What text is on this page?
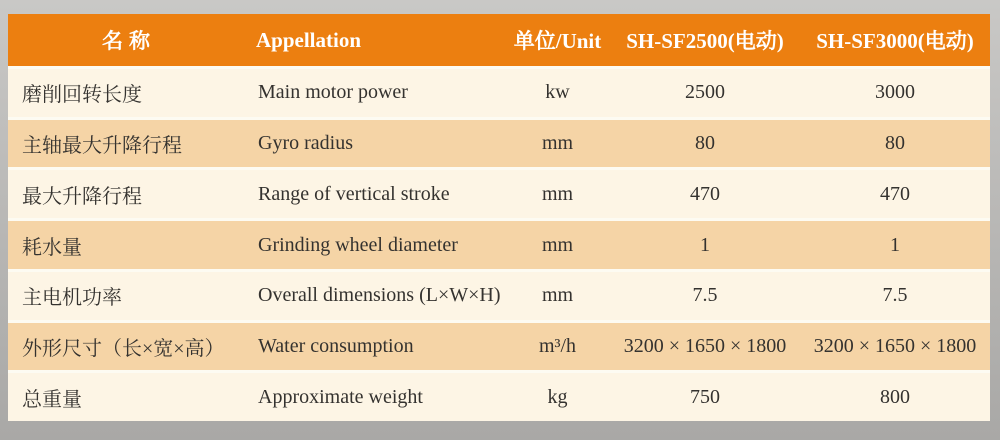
名称	Appellation	单位/Unit	SH-SF2500(电动)	SH-SF3000(电动)
磨削回转长度	Main motor power	kw	2500	3000
主轴最大升降行程	Gyro radius	mm	80	80
最大升降行程	Range of vertical stroke	mm	470	470
耗水量	Grinding wheel diameter	mm	1	1
主电机功率	Overall dimensions (L×W×H)	mm	7.5	7.5
外形尺寸（长×宽×高）	Water consumption	m³/h	3200 × 1650 × 1800	3200 × 1650 × 1800
总重量	Approximate weight	kg	750	800
